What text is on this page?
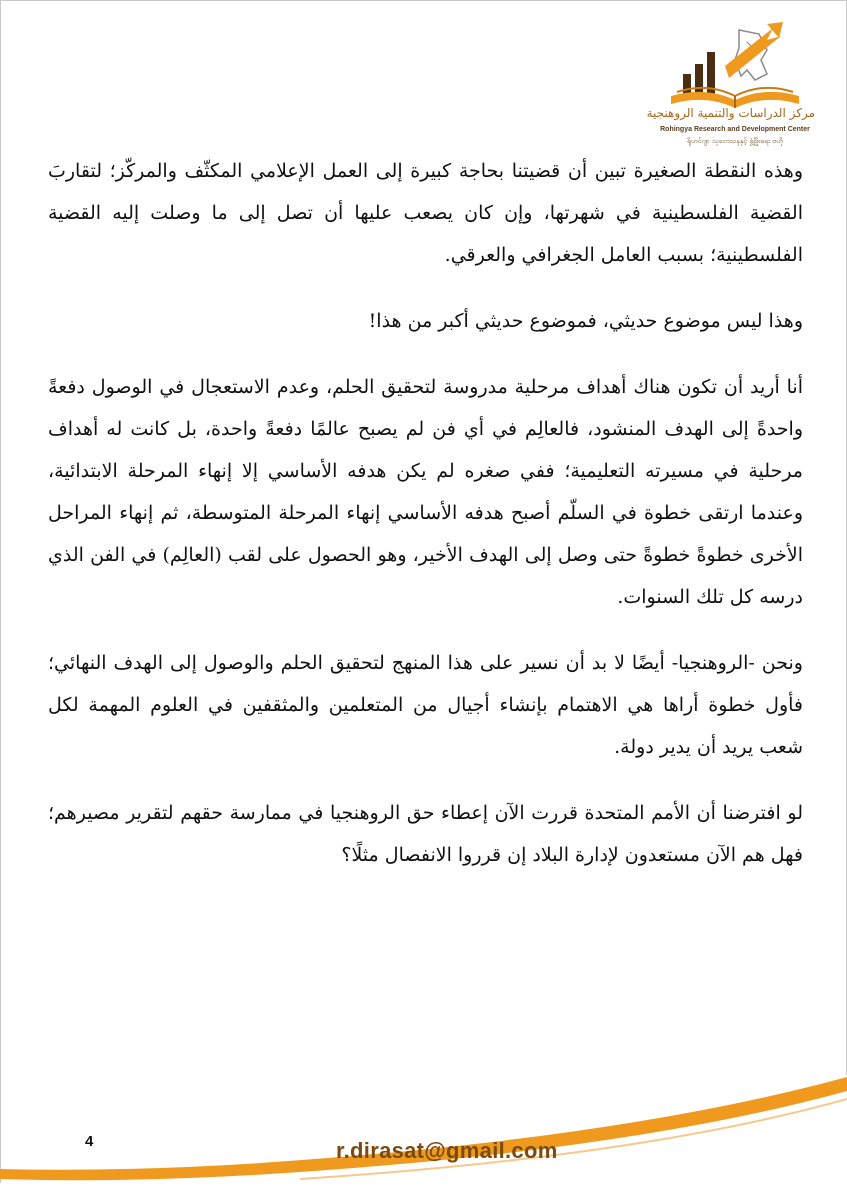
مركز الدراسات والتنمية الروهنجية
Rohingya Research and Development Center
ရိုဟင်ဂျာ သုတေသနနှင့် ဖွံ့ဖြိုးရေး ဗဟို

وهذه النقطة الصغيرة تبين أن قضيتنا بحاجة كبيرة إلى العمل الإعلامي المكثّف والمركّز؛ لتقاربَ القضية الفلسطينية في شهرتها، وإن كان يصعب عليها أن تصل إلى ما وصلت إليه القضية الفلسطينية؛ بسبب العامل الجغرافي والعرقي.

وهذا ليس موضوع حديثي، فموضوع حديثي أكبر من هذا!

أنا أريد أن تكون هناك أهداف مرحلية مدروسة لتحقيق الحلم، وعدم الاستعجال في الوصول دفعةً واحدةً إلى الهدف المنشود، فالعالِم في أي فن لم يصبح عالمًا دفعةً واحدة، بل كانت له أهداف مرحلية في مسيرته التعليمية؛ ففي صغره لم يكن هدفه الأساسي إلا إنهاء المرحلة الابتدائية، وعندما ارتقى خطوة في السلّم أصبح هدفه الأساسي إنهاء المرحلة المتوسطة، ثم إنهاء المراحل الأخرى خطوةً خطوةً حتى وصل إلى الهدف الأخير، وهو الحصول على لقب (العالِم) في الفن الذي درسه كل تلك السنوات.

ونحن -الروهنجيا- أيضًا لا بد أن نسير على هذا المنهج لتحقيق الحلم والوصول إلى الهدف النهائي؛ فأول خطوة أراها هي الاهتمام بإنشاء أجيال من المتعلمين والمثقفين في العلوم المهمة لكل شعب يريد أن يدير دولة.

لو افترضنا أن الأمم المتحدة قررت الآن إعطاء حق الروهنجيا في ممارسة حقهم لتقرير مصيرهم؛ فهل هم الآن مستعدون لإدارة البلاد إن قرروا الانفصال مثلًا؟

4	r.dirasat@gmail.com
